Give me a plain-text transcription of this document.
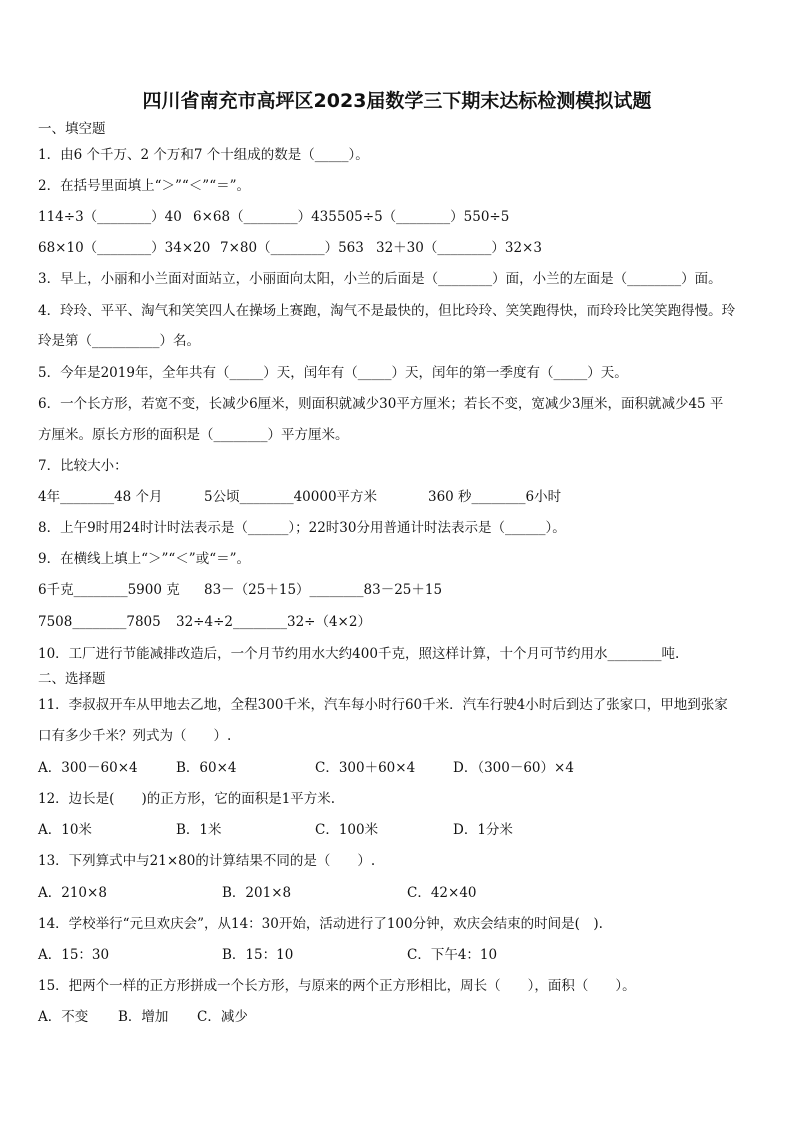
四川省南充市高坪区2023届数学三下期末达标检测模拟试题
一、填空题
1．由6 个千万、2 个万和7 个十组成的数是（_____）。
2．在括号里面填上“＞”“＜”“＝”。
114÷3（________）40 6×68（________）435 505÷5（________）550÷5
68×10（________）34×20 7×80（________）563 32＋30（________）32×3
3．早上，小丽和小兰面对面站立，小丽面向太阳，小兰的后面是（________）面，小兰的左面是（________）面。
4．玲玲、平平、淘气和笑笑四人在操场上赛跑，淘气不是最快的，但比玲玲、笑笑跑得快，而玲玲比笑笑跑得慢。玲
玲是第（__________）名。
5．今年是2019年，全年共有（_____）天，闰年有（_____）天，闰年的第一季度有（_____）天。
6．一个长方形，若宽不变，长减少6厘米，则面积就减少30平方厘米；若长不变，宽减少3厘米，面积就减少45 平
方厘米。原长方形的面积是（________）平方厘米。
7．比较大小：
4年________48 个月	5公顷________40000平方米	360 秒________6小时
8．上午9时用24时计时法表示是（______）；22时30分用普通计时法表示是（______）。
9．在横线上填上“＞”“＜”或“＝”。
6千克________5900 克 83－（25＋15）________83－25＋15
7508________7805 32÷4÷2________32÷（4×2）
10．工厂进行节能减排改造后，一个月节约用水大约400千克，照这样计算，十个月可节约用水________吨.
二、选择题
11．李叔叔开车从甲地去乙地，全程300千米，汽车每小时行60千米．汽车行驶4小时后到达了张家口，甲地到张家
口有多少千米？列式为（　　）.
A．300－60×4	B．60×4	C．300＋60×4	D．（300－60）×4
12．边长是(　　)的正方形，它的面积是1平方米.
A．10米	B．1米	C．100米	D．1分米
13．下列算式中与21×80的计算结果不同的是（　　）.
A．210×8	B．201×8	C．42×40
14．学校举行“元旦欢庆会”，从14：30开始，活动进行了100分钟，欢庆会结束的时间是(　).
A．15：30	B．15：10	C．下午4：10
15．把两个一样的正方形拼成一个长方形，与原来的两个正方形相比，周长（　　），面积（　　）。
A．不变 B．增加 C．减少
